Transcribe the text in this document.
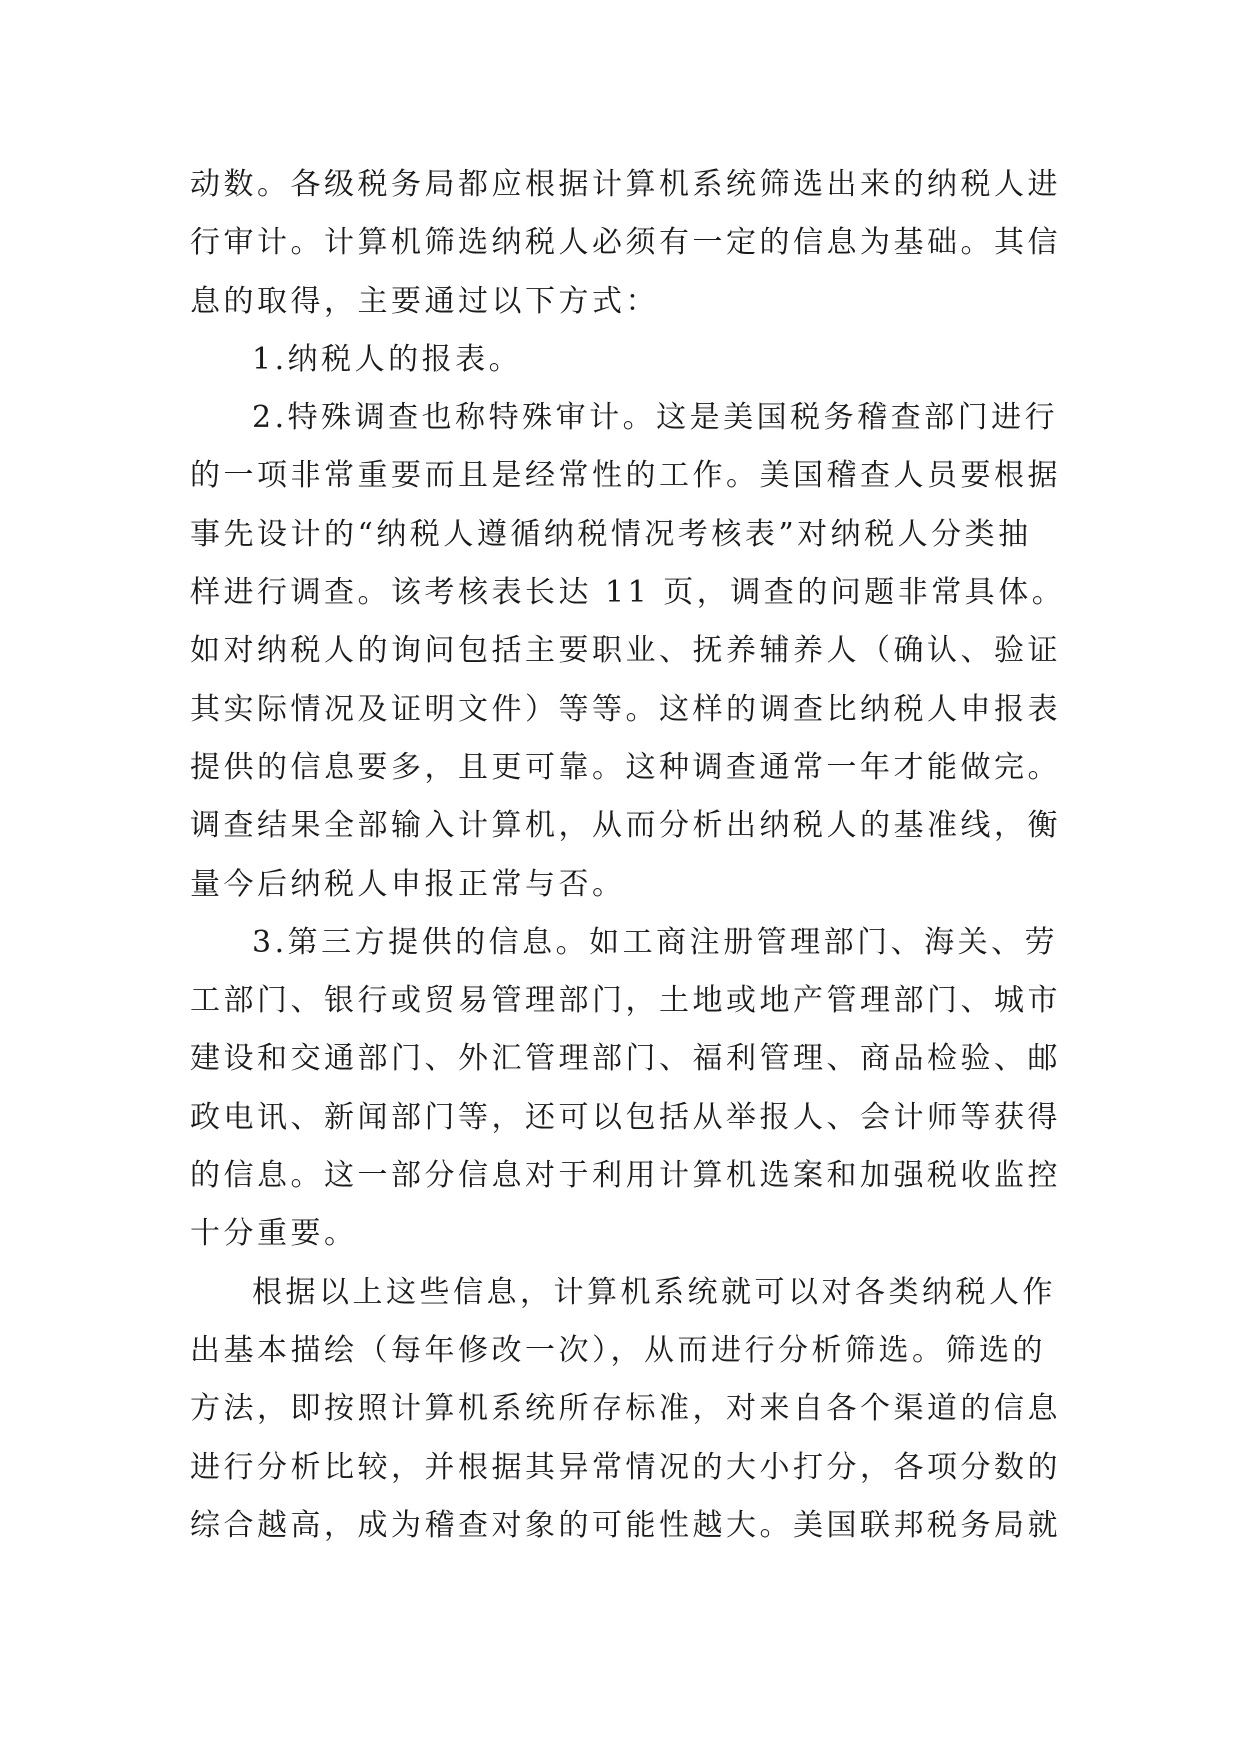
动数。各级税务局都应根据计算机系统筛选出来的纳税人进
行审计。计算机筛选纳税人必须有一定的信息为基础。其信
息的取得，主要通过以下方式：
1.纳税人的报表。
2.特殊调查也称特殊审计。这是美国税务稽查部门进行
的一项非常重要而且是经常性的工作。美国稽查人员要根据
事先设计的“纳税人遵循纳税情况考核表”对纳税人分类抽
样进行调查。该考核表长达 11 页，调查的问题非常具体。
如对纳税人的询问包括主要职业、抚养辅养人（确认、验证
其实际情况及证明文件）等等。这样的调查比纳税人申报表
提供的信息要多，且更可靠。这种调查通常一年才能做完。
调查结果全部输入计算机，从而分析出纳税人的基准线，衡
量今后纳税人申报正常与否。
3.第三方提供的信息。如工商注册管理部门、海关、劳
工部门、银行或贸易管理部门，土地或地产管理部门、城市
建设和交通部门、外汇管理部门、福利管理、商品检验、邮
政电讯、新闻部门等，还可以包括从举报人、会计师等获得
的信息。这一部分信息对于利用计算机选案和加强税收监控
十分重要。
根据以上这些信息，计算机系统就可以对各类纳税人作
出基本描绘（每年修改一次），从而进行分析筛选。筛选的
方法，即按照计算机系统所存标准，对来自各个渠道的信息
进行分析比较，并根据其异常情况的大小打分，各项分数的
综合越高，成为稽查对象的可能性越大。美国联邦税务局就
